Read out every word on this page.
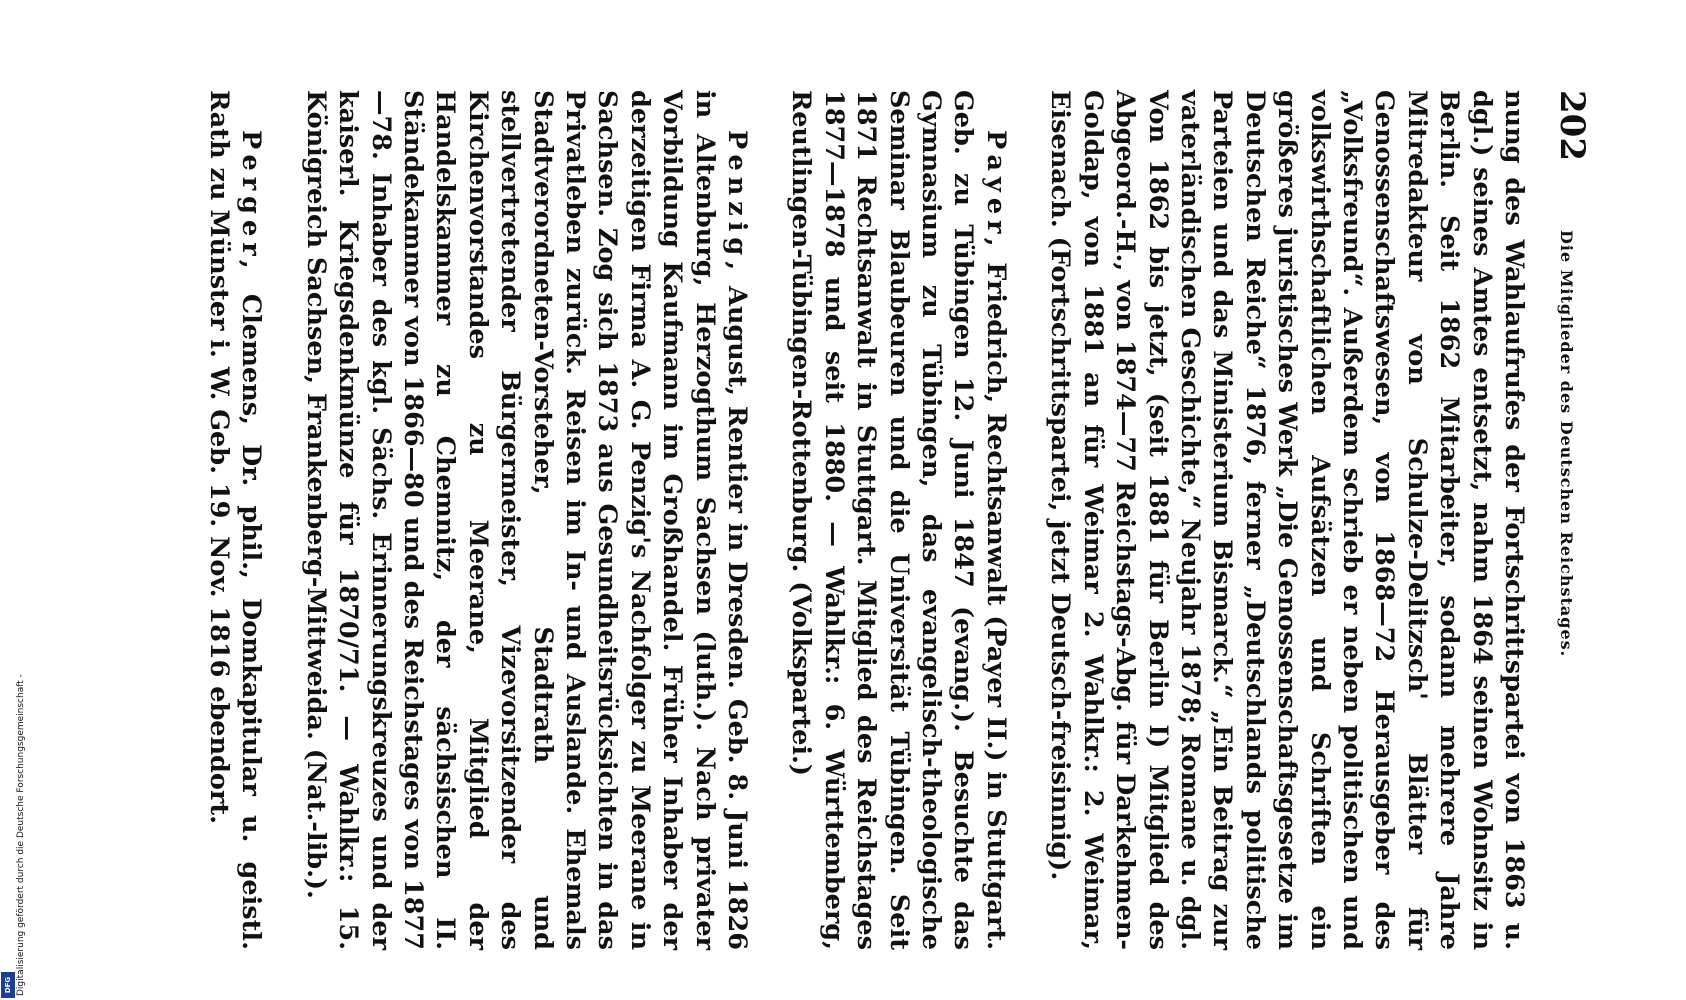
202
Die Mitglieder des Deutschen Reichstages.

nung des Wahlaufrufes der Fortschrittspartei von 1863 u. dgl.) seines Amtes entsetzt, nahm 1864 seinen Wohnsitz in Berlin. Seit 1862 Mitarbeiter, sodann mehrere Jahre Mitredakteur von Schulze-Delitzsch' Blätter für Genossenschaftswesen, von 1868—72 Herausgeber des „Volksfreund“. Außerdem schrieb er neben politischen und volkswirthschaftlichen Aufsätzen und Schriften ein größeres juristisches Werk „Die Genossenschaftsgesetze im Deutschen Reiche“ 1876, ferner „Deutschlands politische Parteien und das Ministerium Bismarck.“ „Ein Beitrag zur vaterländischen Geschichte,“ Neujahr 1878; Romane u. dgl. Von 1862 bis jetzt, (seit 1881 für Berlin I) Mitglied des Abgeord.-H., von 1874—77 Reichstags-Abg. für Darkehmen-Goldap, von 1881 an für Weimar 2. Wahlkr.: 2. Weimar, Eisenach. (Fortschrittspartei, jetzt Deutsch-freisinnig).

Payer, Friedrich, Rechtsanwalt (Payer II.) in Stuttgart. Geb. zu Tübingen 12. Juni 1847 (evang.). Besuchte das Gymnasium zu Tübingen, das evangelisch-theologische Seminar Blaubeuren und die Universität Tübingen. Seit 1871 Rechtsanwalt in Stuttgart. Mitglied des Reichstages 1877—1878 und seit 1880. — Wahlkr.: 6. Württemberg, Reutlingen-Tübingen-Rottenburg. (Volkspartei.)

Penzig, August, Rentier in Dresden. Geb. 8. Juni 1826 in Altenburg, Herzogthum Sachsen (luth.). Nach privater Vorbildung Kaufmann im Großhandel. Früher Inhaber der derzeitigen Firma A. G. Penzig's Nachfolger zu Meerane in Sachsen. Zog sich 1873 aus Gesundheitsrücksichten in das Privatleben zurück. Reisen im In- und Auslande. Ehemals Stadtverordneten-Vorsteher, Stadtrath und stellvertretender Bürgermeister, Vizevorsitzender des Kirchenvorstandes zu Meerane, Mitglied der Handelskammer zu Chemnitz, der sächsischen II. Ständekammer von 1866—80 und des Reichstages von 1877—78. Inhaber des kgl. Sächs. Erinnerungskreuzes und der kaiserl. Kriegsdenkmünze für 1870/71. — Wahlkr.: 15. Königreich Sachsen, Frankenberg-Mittweida. (Nat.-lib.).

Perger, Clemens, Dr. phil., Domkapitular u. geistl. Rath zu Münster i. W. Geb. 19. Nov. 1816 ebendort.

Digitalisierung gefördert durch die Deutsche Forschungsgemeinschaft -
DFG
